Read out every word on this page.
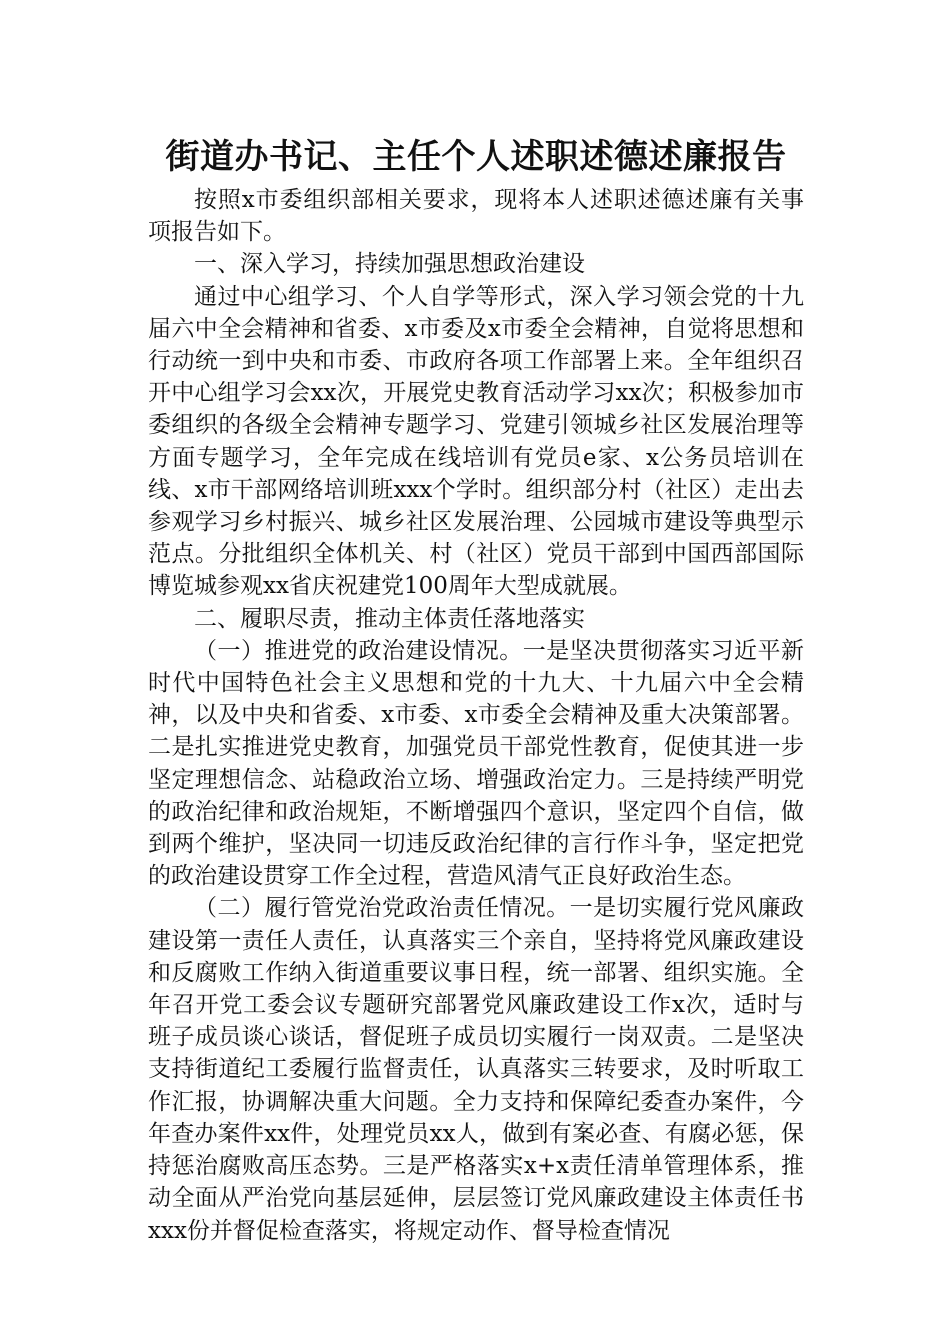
街道办书记、主任个人述职述德述廉报告

按照x市委组织部相关要求，现将本人述职述德述廉有关事项报告如下。

一、深入学习，持续加强思想政治建设

通过中心组学习、个人自学等形式，深入学习领会党的十九届六中全会精神和省委、x市委及x市委全会精神，自觉将思想和行动统一到中央和市委、市政府各项工作部署上来。全年组织召开中心组学习会xx次，开展党史教育活动学习xx次；积极参加市委组织的各级全会精神专题学习、党建引领城乡社区发展治理等方面专题学习，全年完成在线培训有党员e家、x公务员培训在线、x市干部网络培训班xxx个学时。组织部分村（社区）走出去参观学习乡村振兴、城乡社区发展治理、公园城市建设等典型示范点。分批组织全体机关、村（社区）党员干部到中国西部国际博览城参观xx省庆祝建党100周年大型成就展。

二、履职尽责，推动主体责任落地落实

（一）推进党的政治建设情况。一是坚决贯彻落实习近平新时代中国特色社会主义思想和党的十九大、十九届六中全会精神，以及中央和省委、x市委、x市委全会精神及重大决策部署。二是扎实推进党史教育，加强党员干部党性教育，促使其进一步坚定理想信念、站稳政治立场、增强政治定力。三是持续严明党的政治纪律和政治规矩，不断增强四个意识，坚定四个自信，做到两个维护，坚决同一切违反政治纪律的言行作斗争，坚定把党的政治建设贯穿工作全过程，营造风清气正良好政治生态。

（二）履行管党治党政治责任情况。一是切实履行党风廉政建设第一责任人责任，认真落实三个亲自，坚持将党风廉政建设和反腐败工作纳入街道重要议事日程，统一部署、组织实施。全年召开党工委会议专题研究部署党风廉政建设工作x次，适时与班子成员谈心谈话，督促班子成员切实履行一岗双责。二是坚决支持街道纪工委履行监督责任，认真落实三转要求，及时听取工作汇报，协调解决重大问题。全力支持和保障纪委查办案件，今年查办案件xx件，处理党员xx人，做到有案必查、有腐必惩，保持惩治腐败高压态势。三是严格落实x+x责任清单管理体系，推动全面从严治党向基层延伸，层层签订党风廉政建设主体责任书xxx份并督促检查落实，将规定动作、督导检查情况
